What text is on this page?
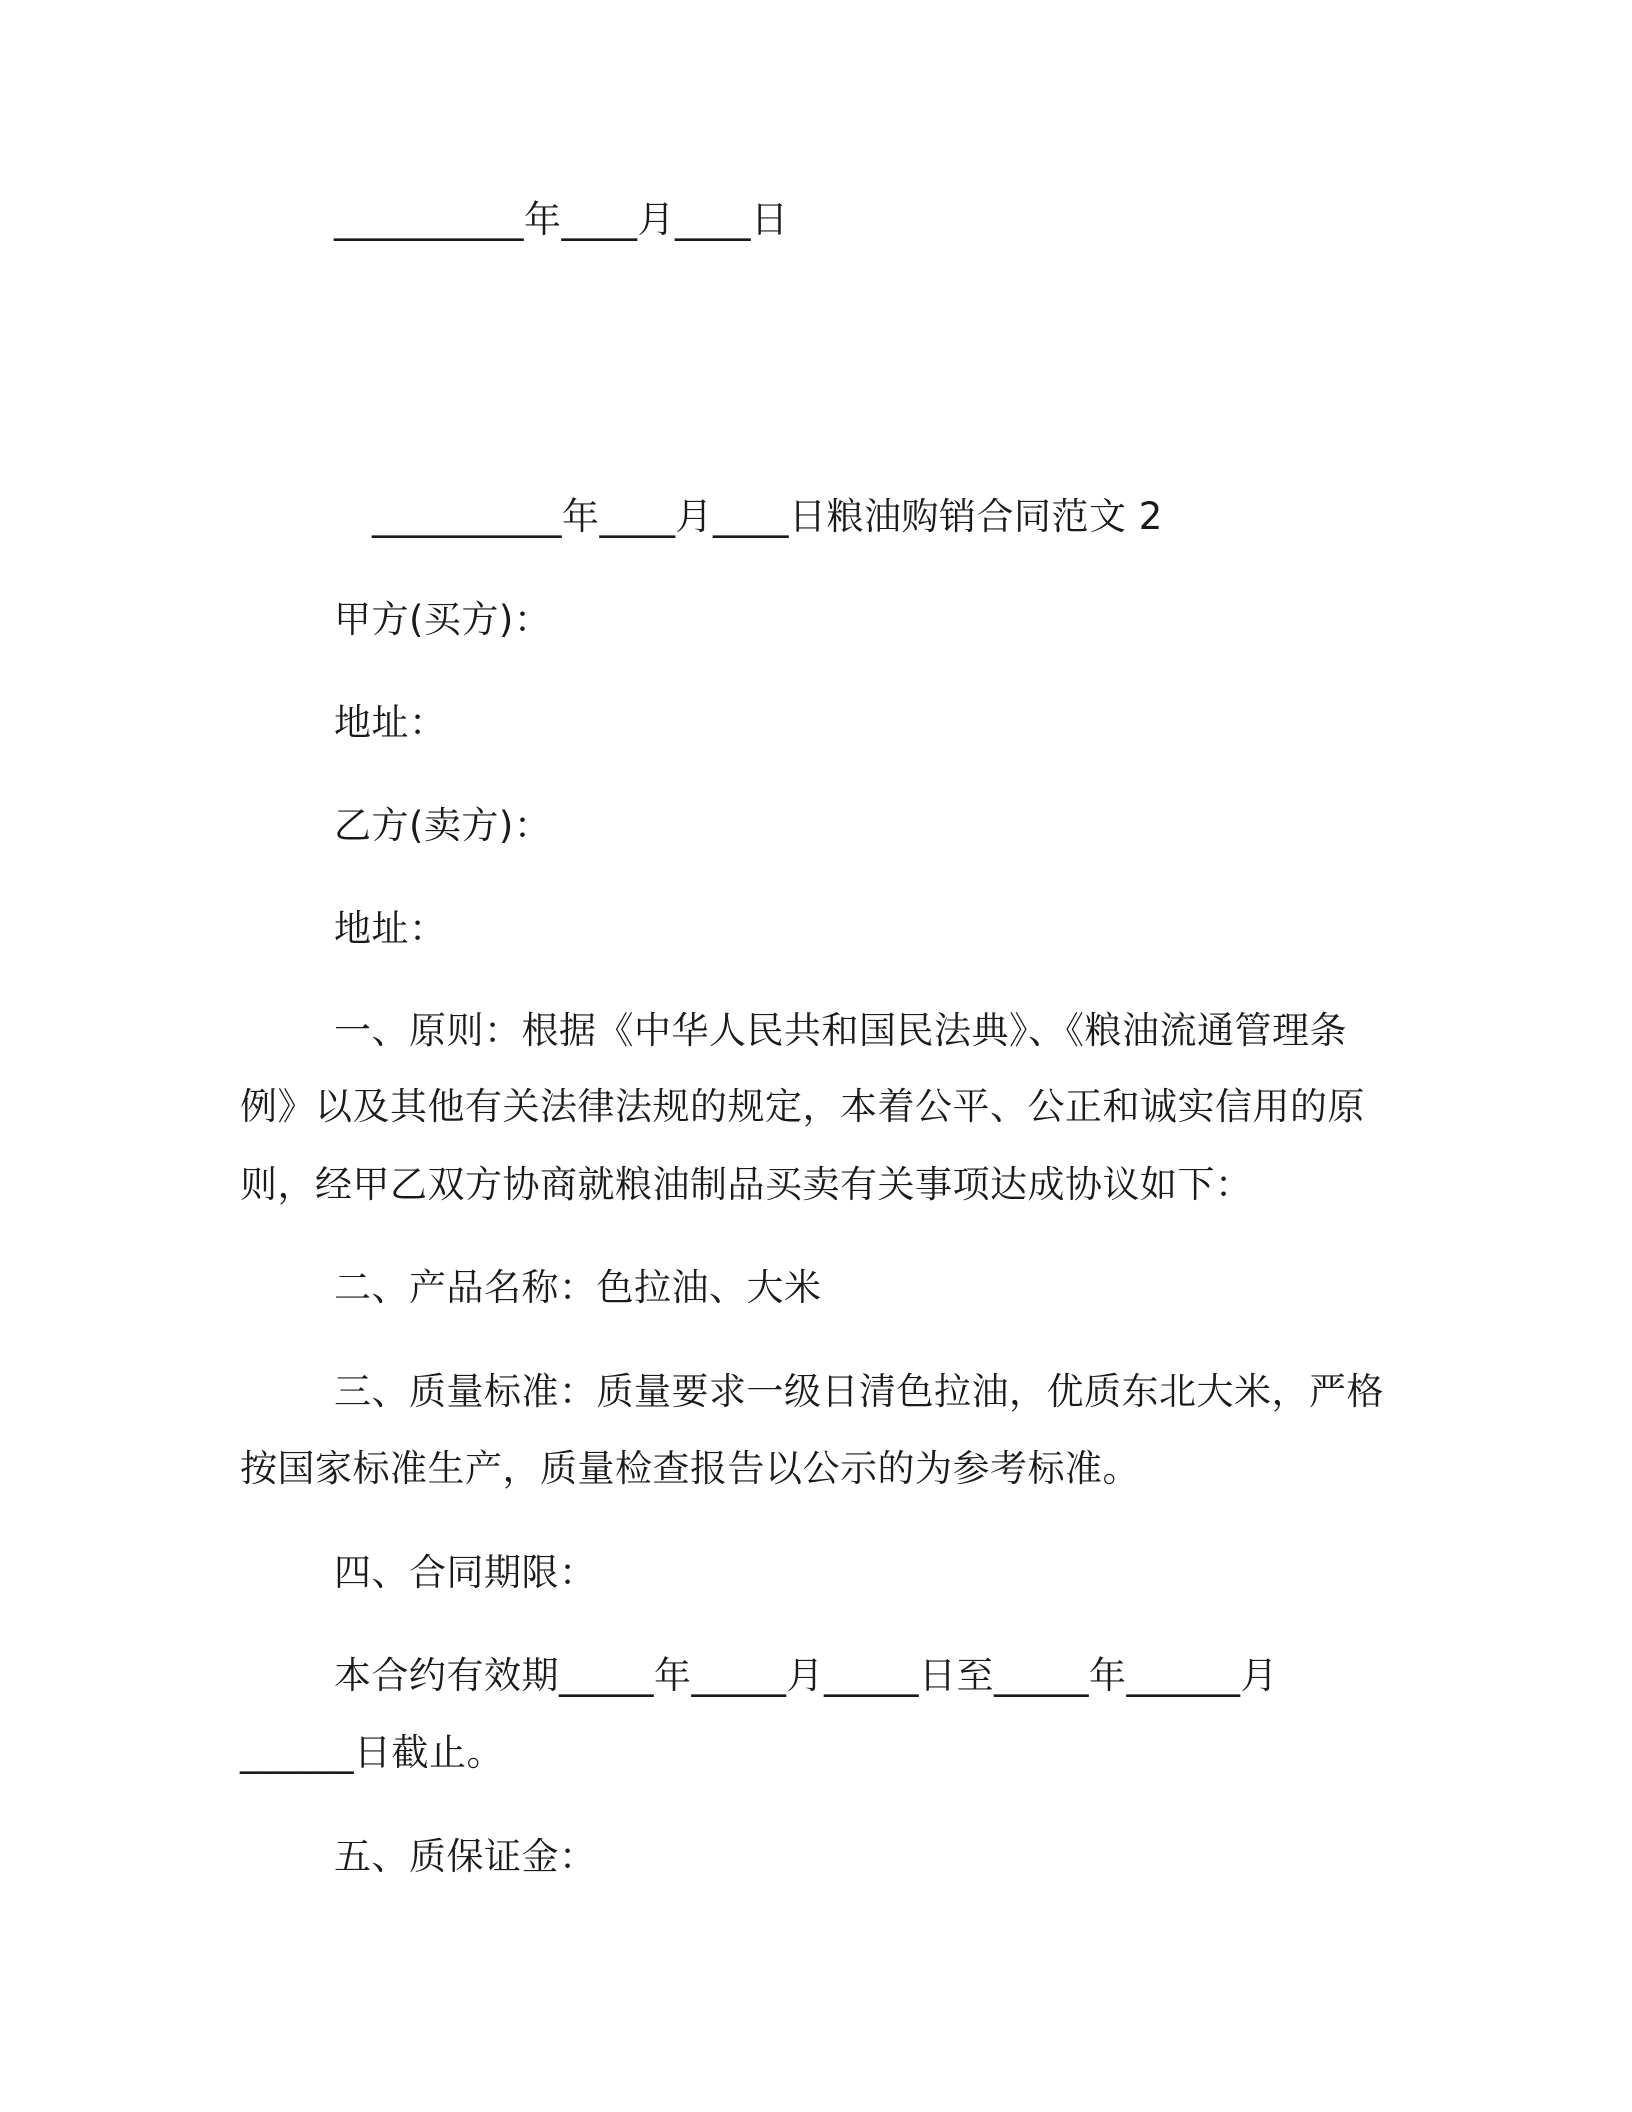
__________年____月____日
__________年____月____日粮油购销合同范文 2
甲方(买方)：
地址：
乙方(卖方)：
地址：
一、原则：根据《中华人民共和国民法典》、《粮油流通管理条
例》以及其他有关法律法规的规定，本着公平、公正和诚实信用的原
则，经甲乙双方协商就粮油制品买卖有关事项达成协议如下：
二、产品名称：色拉油、大米
三、质量标准：质量要求一级日清色拉油，优质东北大米，严格
按国家标准生产，质量检查报告以公示的为参考标准。
四、合同期限：
本合约有效期_____年_____月_____日至_____年______月
______日截止。
五、质保证金：
